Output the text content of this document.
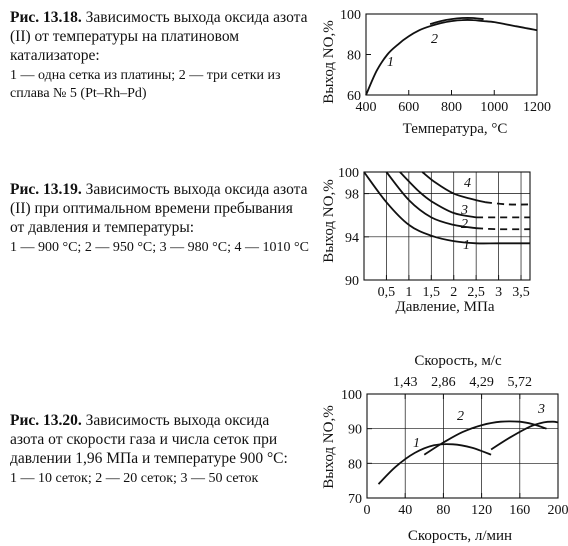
Рис. 13.18. Зависимость выхода оксида азота (II) от температуры на платиновом катализаторе:
1 — одна сетка из платины; 2 — три сетки из сплава № 5 (Pt–Rh–Pd)
Рис. 13.19. Зависимость выхода оксида азота (II) при оптимальном времени пребывания от давления и температуры:
1 — 900 °C; 2 — 950 °C; 3 — 980 °C; 4 — 1010 °C
Рис. 13.20. Зависимость выхода оксида азота от скорости газа и числа сеток при давлении 1,96 МПа и температуре 900 °C:
1 — 10 сеток; 2 — 20 сеток; 3 — 50 сеток
Выход NO,%
Температура, °C
1
2
400 600 800 1000 1200
60
80
100
Выход NO,%
Давление, МПа
1
2
3
4
0,5 1 1,5 2 2,5 3 3,5
90
94
98
100
Выход NO,%
Скорость, л/мин
Скорость, м/с
1
2	3
0 40 80 120 160 200
70
80
90
100
1,43 2,86 4,29 5,72
